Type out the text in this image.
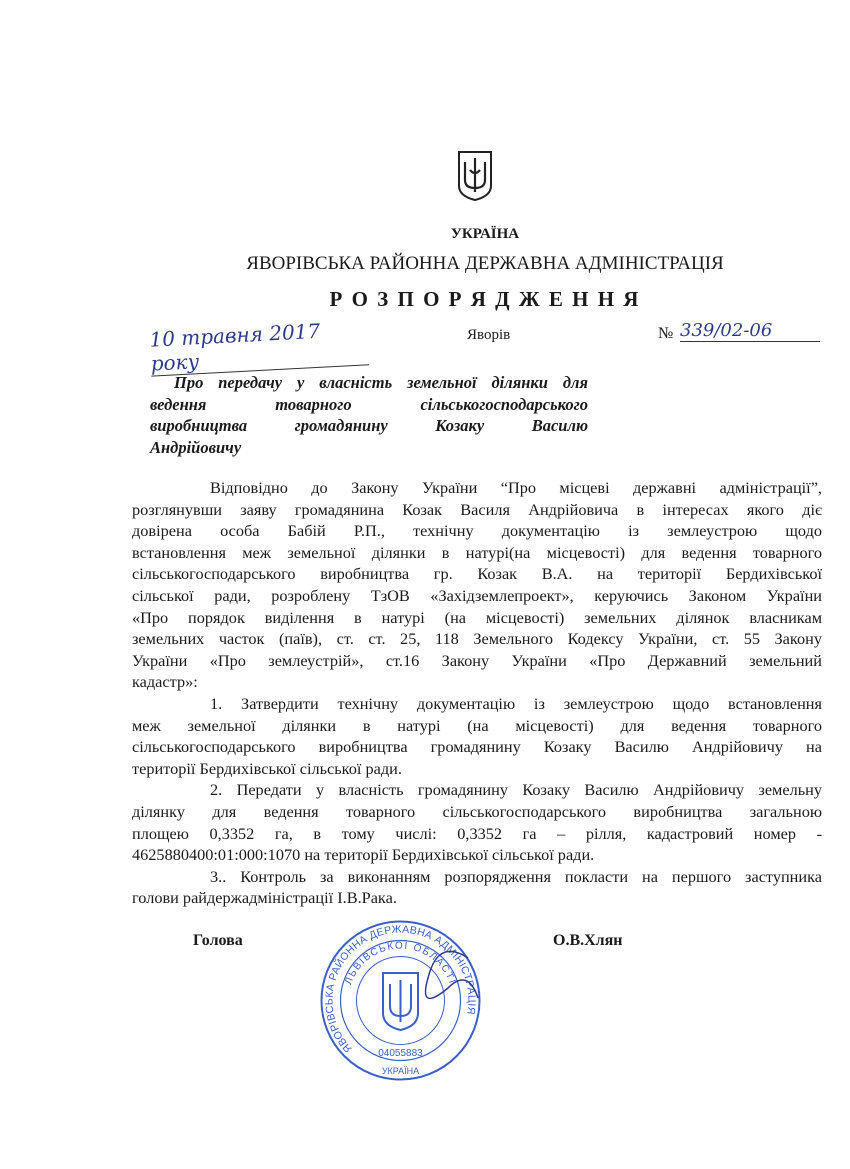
УКРАЇНА
ЯВОРІВСЬКА РАЙОННА ДЕРЖАВНА АДМІНІСТРАЦІЯ
Р О З П О Р Я Д Ж Е Н Н Я
10 травня 2017 року
Яворів	№ 339/02-06
Про передачу у власність земельної ділянки для
ведення товарного сільськогосподарського
виробництва громадянину Козаку Василю
Андрійовичу
Відповідно до Закону України “Про місцеві державні адміністрації”,
розглянувши заяву громадянина Козак Василя Андрійовича в інтересах якого діє
довірена особа Бабій Р.П., технічну документацію із землеустрою щодо
встановлення меж земельної ділянки в натурі(на місцевості) для ведення товарного
сільськогосподарського виробництва гр. Козак В.А. на території Бердихівської
сільської ради, розроблену ТзОВ «Західземлепроект», керуючись Законом України
«Про порядок виділення в натурі (на місцевості) земельних ділянок власникам
земельних часток (паїв), ст. ст. 25, 118 Земельного Кодексу України, ст. 55 Закону
України «Про землеустрій», ст.16 Закону України «Про Державний земельний
кадастр»:
1. Затвердити технічну документацію із землеустрою щодо встановлення
меж земельної ділянки в натурі (на місцевості) для ведення товарного
сільськогосподарського виробництва громадянину Козаку Василю Андрійовичу на
території Бердихівської сільської ради.
2. Передати у власність громадянину Козаку Василю Андрійовичу земельну
ділянку для ведення товарного сільськогосподарського виробництва загальною
площею 0,3352 га, в тому числі: 0,3352 га – рілля, кадастровий номер -
4625880400:01:000:1070 на території Бердихівської сільської ради.
3.. Контроль за виконанням розпорядження покласти на першого заступника
голови райдержадміністрації І.В.Рака.
Голова	О.В.Хлян
ЯВОРІВСЬКА РАЙОННА ДЕРЖАВНА АДМІНІСТРАЦІЯ
ЛЬВІВСЬКОЇ ОБЛАСТІ
04055883
УКРАЇНА
